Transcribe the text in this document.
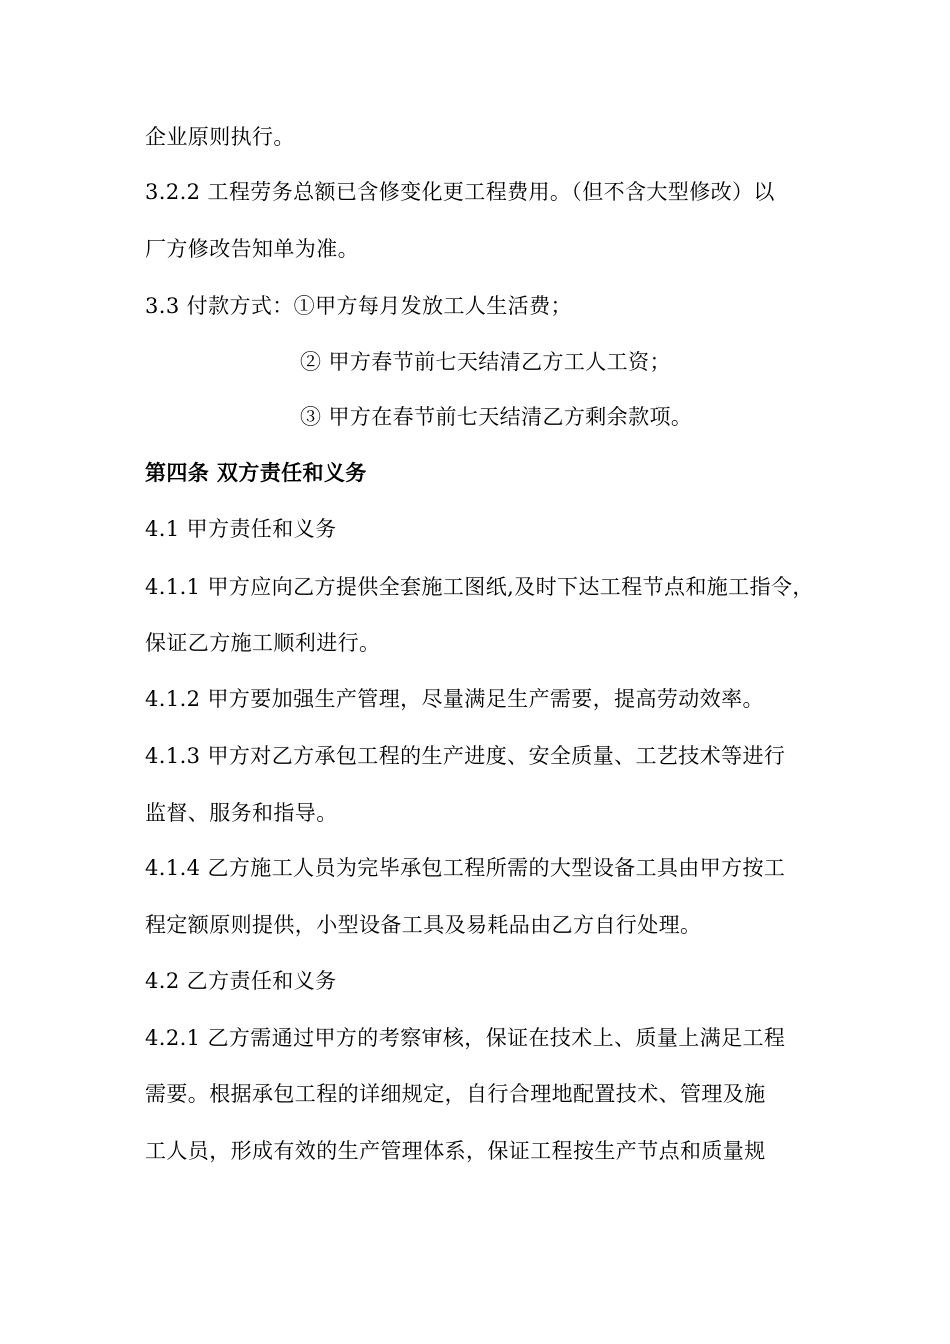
企业原则执行。
3.2.2 工程劳务总额已含修变化更工程费用。（但不含大型修改）以
厂方修改告知单为准。
3.3 付款方式：①甲方每月发放工人生活费；
② 甲方春节前七天结清乙方工人工资；
③ 甲方在春节前七天结清乙方剩余款项。
第四条 双方责任和义务
4.1 甲方责任和义务
4.1.1 甲方应向乙方提供全套施工图纸,及时下达工程节点和施工指令，
保证乙方施工顺利进行。
4.1.2 甲方要加强生产管理，尽量满足生产需要，提高劳动效率。
4.1.3 甲方对乙方承包工程的生产进度、安全质量、工艺技术等进行
监督、服务和指导。
4.1.4 乙方施工人员为完毕承包工程所需的大型设备工具由甲方按工
程定额原则提供，小型设备工具及易耗品由乙方自行处理。
4.2 乙方责任和义务
4.2.1 乙方需通过甲方的考察审核，保证在技术上、质量上满足工程
需要。根据承包工程的详细规定，自行合理地配置技术、管理及施
工人员，形成有效的生产管理体系，保证工程按生产节点和质量规
